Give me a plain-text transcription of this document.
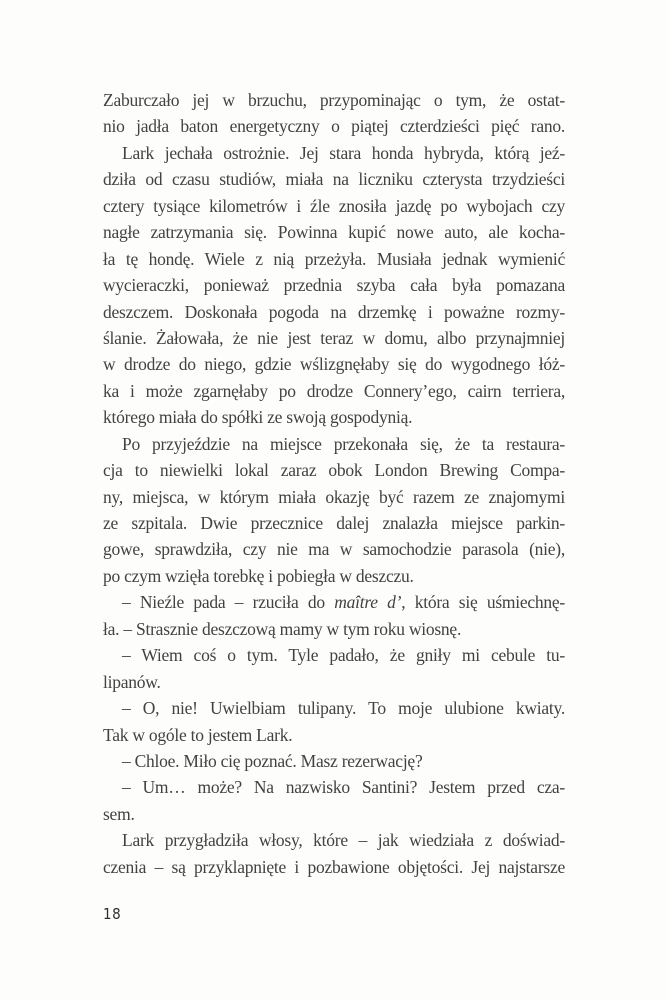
Zaburczało jej w brzuchu, przypominając o tym, że ostat-
nio jadła baton energetyczny o piątej czterdzieści pięć rano.
Lark jechała ostrożnie. Jej stara honda hybryda, którą jeź-
dziła od czasu studiów, miała na liczniku czterysta trzydzieści
cztery tysiące kilometrów i źle znosiła jazdę po wybojach czy
nagłe zatrzymania się. Powinna kupić nowe auto, ale kocha-
ła tę hondę. Wiele z nią przeżyła. Musiała jednak wymienić
wycieraczki, ponieważ przednia szyba cała była pomazana
deszczem. Doskonała pogoda na drzemkę i poważne rozmy-
ślanie. Żałowała, że nie jest teraz w domu, albo przynajmniej
w drodze do niego, gdzie wślizgnęłaby się do wygodnego łóż-
ka i może zgarnęłaby po drodze Connery’ego, cairn terriera,
którego miała do spółki ze swoją gospodynią.
Po przyjeździe na miejsce przekonała się, że ta restaura-
cja to niewielki lokal zaraz obok London Brewing Compa-
ny, miejsca, w którym miała okazję być razem ze znajomymi
ze szpitala. Dwie przecznice dalej znalazła miejsce parkin-
gowe, sprawdziła, czy nie ma w samochodzie parasola (nie),
po czym wzięła torebkę i pobiegła w deszczu.
– Nieźle pada – rzuciła do maître d’, która się uśmiechnę-
ła. – Strasznie deszczową mamy w tym roku wiosnę.
– Wiem coś o tym. Tyle padało, że gniły mi cebule tu-
lipanów.
– O, nie! Uwielbiam tulipany. To moje ulubione kwiaty.
Tak w ogóle to jestem Lark.
– Chloe. Miło cię poznać. Masz rezerwację?
– Um… może? Na nazwisko Santini? Jestem przed cza-
sem.
Lark przygładziła włosy, które – jak wiedziała z doświad-
czenia – są przyklapnięte i pozbawione objętości. Jej najstarsze
18
